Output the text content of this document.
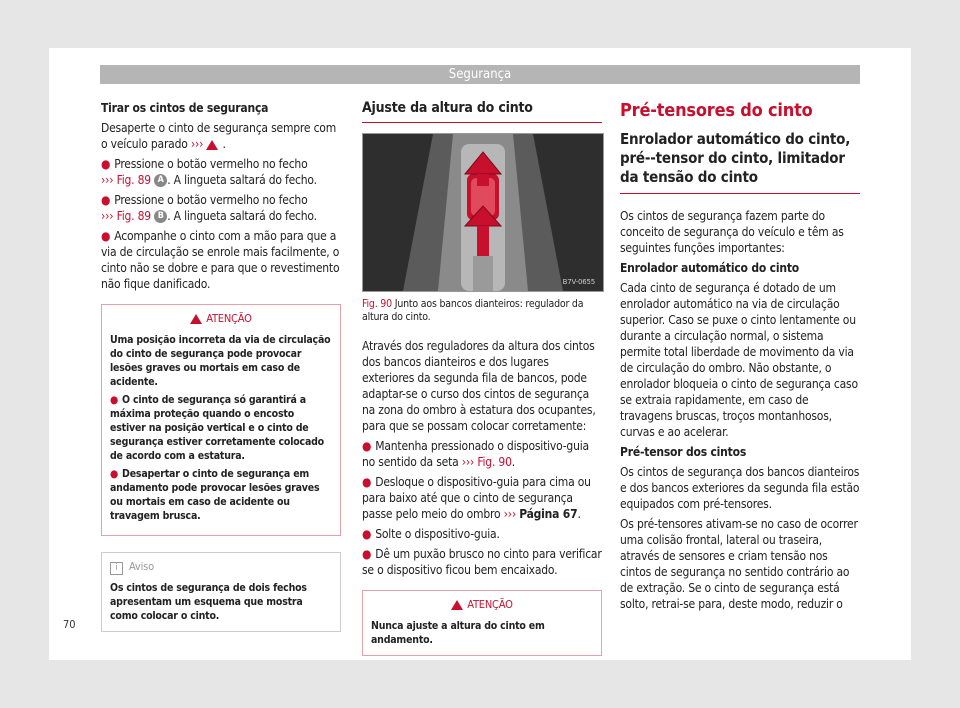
Segurança

Tirar os cintos de segurança

Desaperte o cinto de segurança sempre com o veículo parado ››› .

● Pressione o botão vermelho no fecho
››› Fig. 89 A . A lingueta saltará do fecho.

● Pressione o botão vermelho no fecho
››› Fig. 89 B . A lingueta saltará do fecho.

● Acompanhe o cinto com a mão para que a via de circulação se enrole mais facilmente, o cinto não se dobre e para que o revestimento não fique danificado.

ATENÇÃO

Uma posição incorreta da via de circulação do cinto de segurança pode provocar lesões graves ou mortais em caso de acidente.

● O cinto de segurança só garantirá a máxima proteção quando o encosto estiver na posição vertical e o cinto de segurança estiver corretamente colocado de acordo com a estatura.

● Desapertar o cinto de segurança em andamento pode provocar lesões graves ou mortais em caso de acidente ou travagem brusca.

i Aviso
Os cintos de segurança de dois fechos apresentam um esquema que mostra como colocar o cinto.
Ajuste da altura do cinto
B7V-0655
Fig. 90 Junto aos bancos dianteiros: regulador da altura do cinto.

Através dos reguladores da altura dos cintos dos bancos dianteiros e dos lugares exteriores da segunda fila de bancos, pode adaptar-se o curso dos cintos de segurança na zona do ombro à estatura dos ocupantes, para que se possam colocar corretamente:

● Mantenha pressionado o dispositivo-guia no sentido da seta ››› Fig. 90.

● Desloque o dispositivo-guia para cima ou para baixo até que o cinto de segurança passe pelo meio do ombro ››› Página 67.

● Solte o dispositivo-guia.

● Dê um puxão brusco no cinto para verificar se o dispositivo ficou bem encaixado.

ATENÇÃO
Nunca ajuste a altura do cinto em andamento.
Pré-tensores do cinto
Enrolador automático do cinto, pré--tensor do cinto, limitador da tensão do cinto

Os cintos de segurança fazem parte do conceito de segurança do veículo e têm as seguintes funções importantes:

Enrolador automático do cinto

Cada cinto de segurança é dotado de um enrolador automático na via de circulação superior. Caso se puxe o cinto lentamente ou durante a circulação normal, o sistema permite total liberdade de movimento da via de circulação do ombro. Não obstante, o enrolador bloqueia o cinto de segurança caso se extraia rapidamente, em caso de travagens bruscas, troços montanhosos, curvas e ao acelerar.

Pré-tensor dos cintos

Os cintos de segurança dos bancos dianteiros e dos bancos exteriores da segunda fila estão equipados com pré-tensores.

Os pré-tensores ativam-se no caso de ocorrer uma colisão frontal, lateral ou traseira, através de sensores e criam tensão nos cintos de segurança no sentido contrário ao de extração. Se o cinto de segurança está solto, retrai-se para, deste modo, reduzir o

70
